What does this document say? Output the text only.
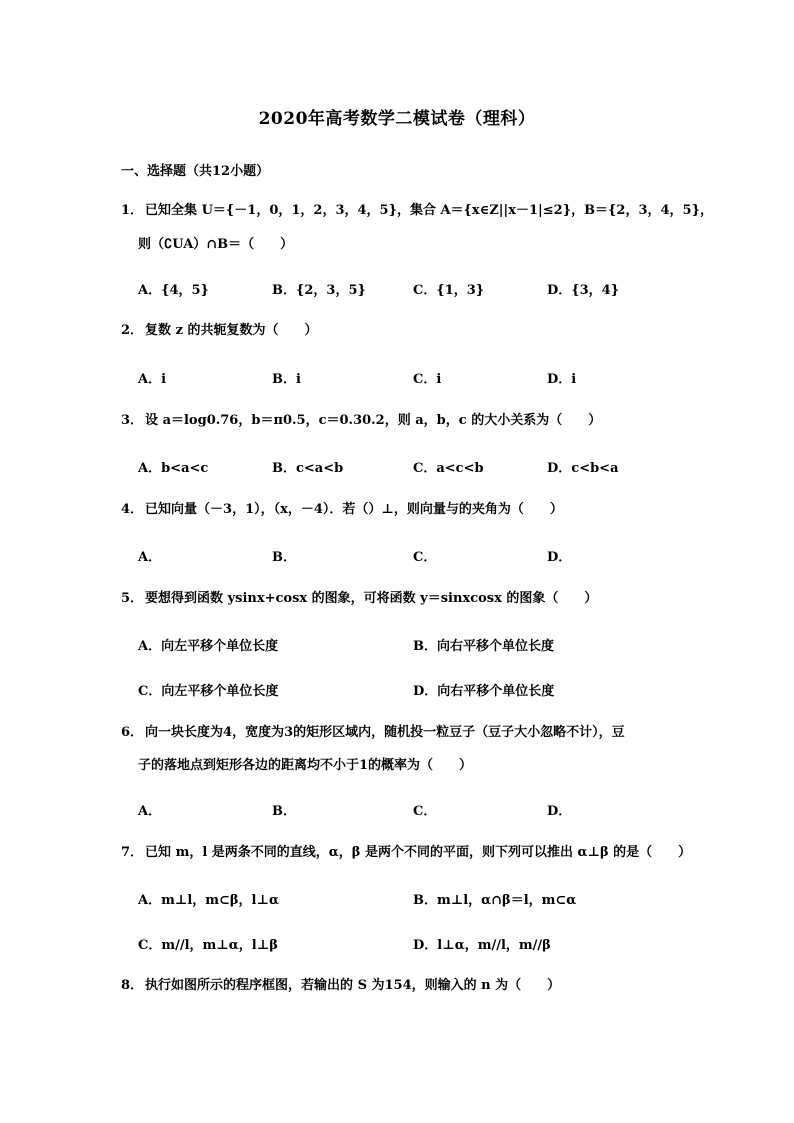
2020年高考数学二模试卷（理科）
一、选择题（共12小题）
1． 已知全集 U＝{－1，0，1，2，3，4，5}，集合 A＝{x∈Z||x－1|≤2}，B＝{2，3，4，5}，
则（∁UA）∩B＝（　　）
A．{4，5}	B．{2，3，5}	C．{1，3}	D．{3，4}
2． 复数 z 的共轭复数为（　　）
A．i	B．i	C．i	D．i
3． 设 a＝log0.76，b＝π0.5，c＝0.30.2，则 a，b，c 的大小关系为（　　）
A．b<a<c	B．c<a<b	C．a<c<b	D．c<b<a
4． 已知向量（－3，1），（x，－4）．若（）⊥，则向量与的夹角为（　　）
A．	B．	C．	D．
5． 要想得到函数 ysinx+cosx 的图象，可将函数 y＝sinxcosx 的图象（　　）
A．向左平移个单位长度	B．向右平移个单位长度
C．向左平移个单位长度	D．向右平移个单位长度
6． 向一块长度为4，宽度为3的矩形区域内，随机投一粒豆子（豆子大小忽略不计），豆
子的落地点到矩形各边的距离均不小于1的概率为（　　）
A．	B．	C．	D．
7． 已知 m，l 是两条不同的直线，α，β 是两个不同的平面，则下列可以推出 α⊥β 的是（　　）
A．m⊥l，m⊂β，l⊥α	B．m⊥l，α∩β＝l，m⊂α
C．m//l，m⊥α，l⊥β	D．l⊥α，m//l，m//β
8． 执行如图所示的程序框图，若输出的 S 为154，则输入的 n 为（　　）
